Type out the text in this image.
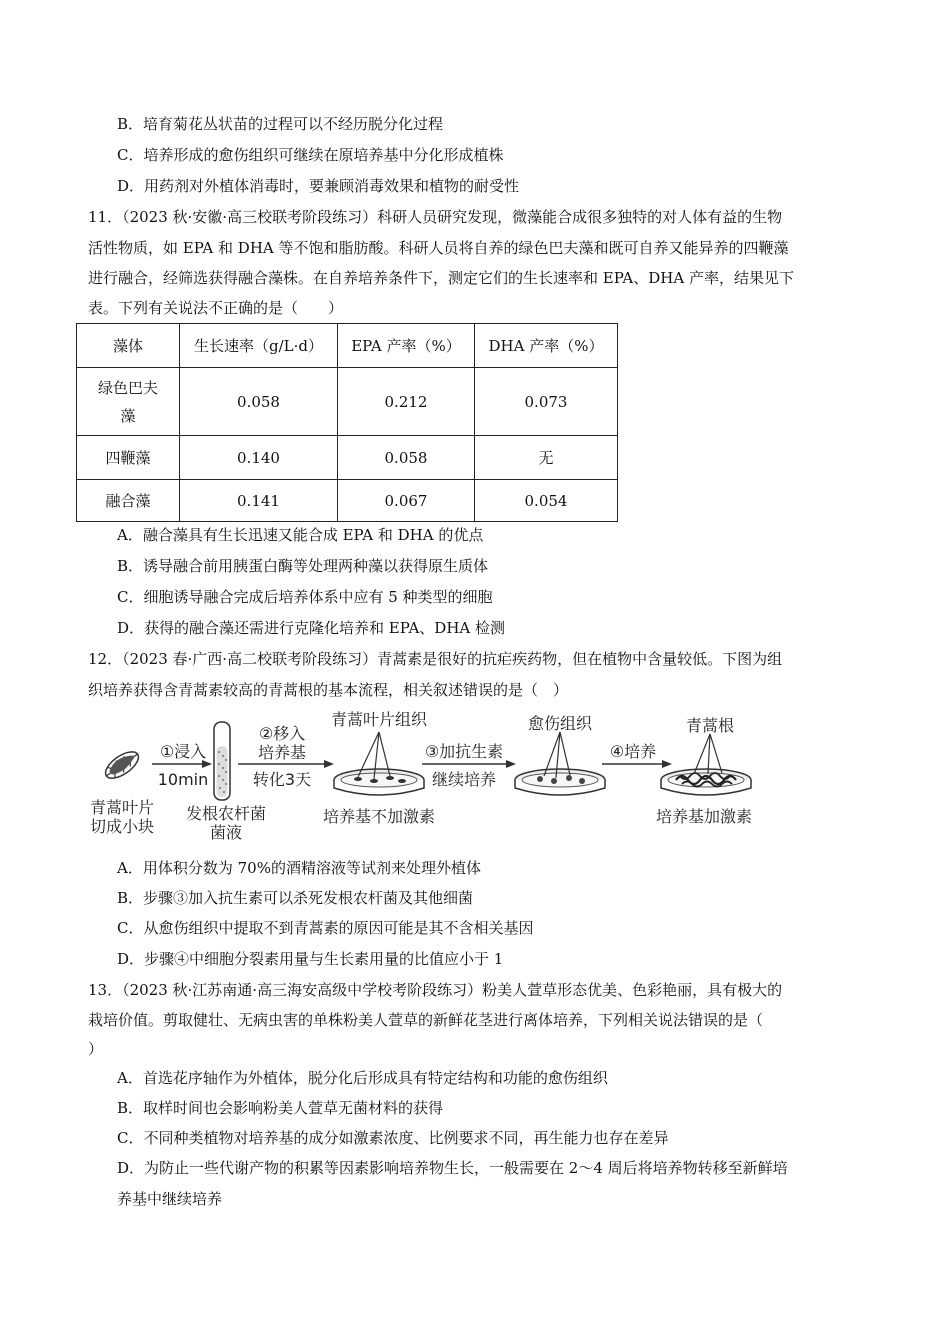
B．培育菊花丛状苗的过程可以不经历脱分化过程
C．培养形成的愈伤组织可继续在原培养基中分化形成植株
D．用药剂对外植体消毒时，要兼顾消毒效果和植物的耐受性
11．（2023 秋·安徽·高三校联考阶段练习）科研人员研究发现，微藻能合成很多独特的对人体有益的生物
活性物质，如 EPA 和 DHA 等不饱和脂肪酸。科研人员将自养的绿色巴夫藻和既可自养又能异养的四鞭藻
进行融合，经筛选获得融合藻株。在自养培养条件下，测定它们的生长速率和 EPA、DHA 产率，结果见下
表。下列有关说法不正确的是（　　）
藻体	生长速率（g/L·d）	EPA 产率（%）	DHA 产率（%）

绿色巴夫藻	0.058	0.212	0.073
四鞭藻	0.140	0.058	无
融合藻	0.141	0.067	0.054
A．融合藻具有生长迅速又能合成 EPA 和 DHA 的优点
B．诱导融合前用胰蛋白酶等处理两种藻以获得原生质体
C．细胞诱导融合完成后培养体系中应有 5 种类型的细胞
D．获得的融合藻还需进行克隆化培养和 EPA、DHA 检测
12．（2023 春·广西·高二校联考阶段练习）青蒿素是很好的抗疟疾药物，但在植物中含量较低。下图为组
织培养获得含青蒿素较高的青蒿根的基本流程，相关叙述错误的是（　）
青蒿叶片
切成小块
①浸入
10min
发根农杆菌
菌液
②移入
培养基
转化3天
青蒿叶片组织
培养基不加激素
③加抗生素
继续培养
愈伤组织
④培养
青蒿根
培养基加激素
A．用体积分数为 70%的酒精溶液等试剂来处理外植体
B．步骤③加入抗生素可以杀死发根农杆菌及其他细菌
C．从愈伤组织中提取不到青蒿素的原因可能是其不含相关基因
D．步骤④中细胞分裂素用量与生长素用量的比值应小于 1
13．（2023 秋·江苏南通·高三海安高级中学校考阶段练习）粉美人萱草形态优美、色彩艳丽，具有极大的
栽培价值。剪取健壮、无病虫害的单株粉美人萱草的新鲜花茎进行离体培养，下列相关说法错误的是（
）
A．首选花序轴作为外植体，脱分化后形成具有特定结构和功能的愈伤组织
B．取样时间也会影响粉美人萱草无菌材料的获得
C．不同种类植物对培养基的成分如激素浓度、比例要求不同，再生能力也存在差异
D．为防止一些代谢产物的积累等因素影响培养物生长，一般需要在 2～4 周后将培养物转移至新鲜培
养基中继续培养
